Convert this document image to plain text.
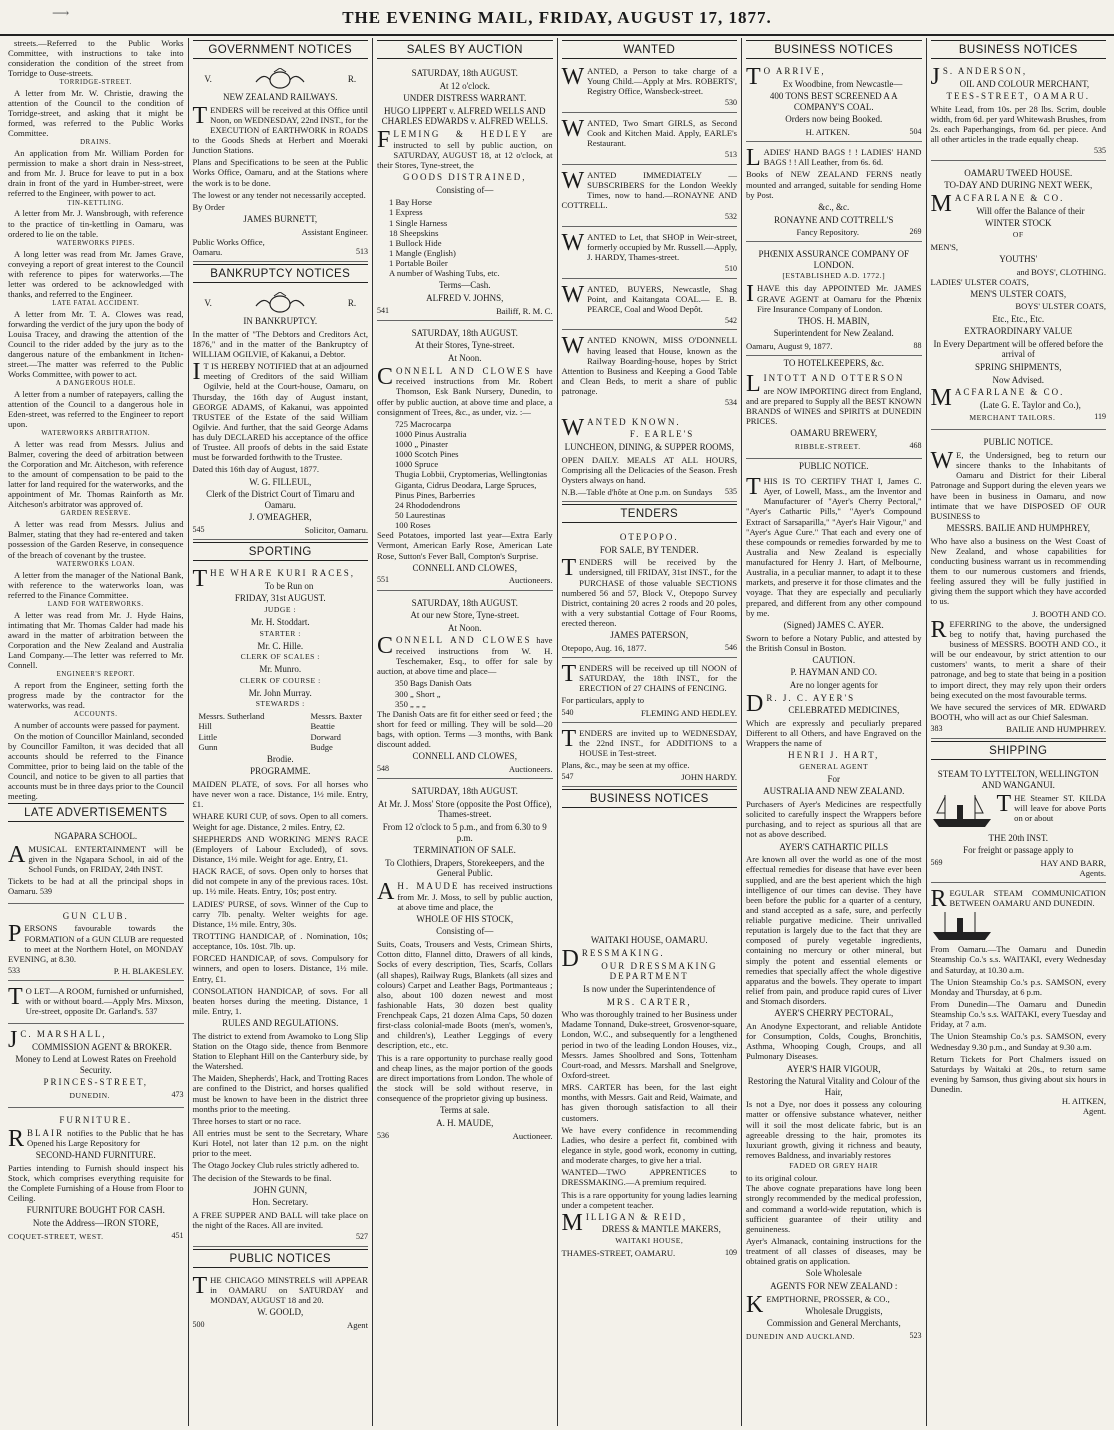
⟶	THE EVENING MAIL, FRIDAY, AUGUST 17, 1877.

streets.—Referred to the Public Works Committee, with instructions to take into consideration the condition of the street from Torridge to Ouse-streets.

TORRIDGE-STREET.

A letter from Mr. W. Christie, drawing the attention of the Council to the condition of Torridge-street, and asking that it might be formed, was referred to the Public Works Committee.

DRAINS.

An application from Mr. William Porden for permission to make a short drain in Ness-street, and from Mr. J. Bruce for leave to put in a box drain in front of the yard in Humber-street, were referred to the Engineer, with power to act.

TIN-KETTLING.

A letter from Mr. J. Wansbrough, with reference to the practice of tin-kettling in Oamaru, was ordered to lie on the table.

WATERWORKS PIPES.

A long letter was read from Mr. James Grave, conveying a report of great interest to the Council with reference to pipes for waterworks.—The letter was ordered to be acknowledged with thanks, and referred to the Engineer.

LATE FATAL ACCIDENT.

A letter from Mr. T. A. Clowes was read, forwarding the verdict of the jury upon the body of Louisa Tracey, and drawing the attention of the Council to the rider added by the jury as to the dangerous nature of the embankment in Itchen-street.—The matter was referred to the Public Works Committee, with power to act.

A DANGEROUS HOLE.

A letter from a number of ratepayers, calling the attention of the Council to a dangerous hole in Eden-street, was referred to the Engineer to report upon.

WATERWORKS ARBITRATION.

A letter was read from Messrs. Julius and Balmer, covering the deed of arbitration between the Corporation and Mr. Aitcheson, with reference to the amount of compensation to be paid to the latter for land required for the waterworks, and the appointment of Mr. Thomas Rainforth as Mr. Aitcheson's arbitrator was approved of.

GARDEN RESERVE.

A letter was read from Messrs. Julius and Balmer, stating that they had re-entered and taken possession of the Garden Reserve, in consequence of the breach of covenant by the trustee.

WATERWORKS LOAN.

A letter from the manager of the National Bank, with reference to the waterworks loan, was referred to the Finance Committee.

LAND FOR WATERWORKS.

A letter was read from Mr. J. Hyde Hains, intimating that Mr. Thomas Calder had made his award in the matter of arbitration between the Corporation and the New Zealand and Australia Land Company.—The letter was referred to Mr. Connell.

ENGINEER'S REPORT.

A report from the Engineer, setting forth the progress made by the contractor for the waterworks, was read.

ACCOUNTS.

A number of accounts were passed for payment.

On the motion of Councillor Mainland, seconded by Councillor Familton, it was decided that all accounts should be referred to the Finance Committee, prior to being laid on the table of the Council, and notice to be given to all parties that accounts must be in three days prior to the Council meeting.

LATE ADVERTISEMENTS
NGAPARA SCHOOL.

AMUSICAL ENTERTAINMENT will be given in the Ngapara School, in aid of the School Funds, on FRIDAY, 24th INST.

Tickets to be had at all the principal shops in Oamaru. 539

GUN CLUB.

PERSONS favourable towards the FORMATION of a GUN CLUB are requested to meet at the Northern Hotel, on MONDAY EVENING, at 8.30.

533	P. H. BLAKESLEY.

T O LET—A ROOM, furnished or unfurnished, with or without board.—Apply Mrs. Mixson, Ure-street, opposite Dr. Garland's. 537

J C. MARSHALL,

COMMISSION AGENT & BROKER.
Money to Lend at Lowest Rates on Freehold Security.
PRINCES-STREET,
DUNEDIN.	473
FURNITURE.

RBLAIR notifies to the Public that he has Opened his Large Repository for

SECOND-HAND FURNITURE.

Parties intending to Furnish should inspect his Stock, which comprises everything requisite for the Complete Furnishing of a House from Floor to Ceiling.

FURNITURE BOUGHT FOR CASH.
Note the Address—IRON STORE,
COQUET-STREET, WEST.	451
GOVERNMENT NOTICES
V.	R.
NEW ZEALAND RAILWAYS.

TENDERS will be received at this Office until Noon, on WEDNESDAY, 22nd INST., for the EXECUTION of EARTHWORK in ROADS to the Goods Sheds at Herbert and Moeraki Junction Stations.

Plans and Specifications to be seen at the Public Works Office, Oamaru, and at the Stations where the work is to be done.

The lowest or any tender not necessarily accepted.

By Order
JAMES BURNETT,
Assistant Engineer.
Public Works Office,
Oamaru.	513
BANKRUPTCY NOTICES
V.	R.
IN BANKRUPTCY.

In the matter of "The Debtors and Creditors Act, 1876," and in the matter of the Bankruptcy of WILLIAM OGILVIE, of Kakanui, a Debtor.

I T IS HEREBY NOTIFIED that at an adjourned meeting of Creditors of the said William Ogilvie, held at the Court-house, Oamaru, on Thursday, the 16th day of August instant, GEORGE ADAMS, of Kakanui, was appointed TRUSTEE of the Estate of the said William Ogilvie. And further, that the said George Adams has duly DECLARED his acceptance of the office of Trustee. All proofs of debts in the said Estate must be forwarded forthwith to the Trustee.

Dated this 16th day of August, 1877.
W. G. FILLEUL,
Clerk of the District Court of Timaru and Oamaru.
J. O'MEAGHER,
545	Solicitor, Oamaru.
SPORTING

THE WHARE KURI RACES,

To be Run on
FRIDAY, 31st AUGUST.
JUDGE :
Mr. H. Stoddart.
STARTER :
Mr. C. Hille.
CLERK OF SCALES :
Mr. Munro.
CLERK OF COURSE :
Mr. John Murray.
STEWARDS :
Messrs. Sutherland
Hill
Little
Gunn
Messrs. Baxter
Beattie
Dorward
Budge
Brodie.
PROGRAMME.

MAIDEN PLATE, of sovs. For all horses who have never won a race. Distance, 1½ mile. Entry, £1.

WHARE KURI CUP, of sovs. Open to all comers. Weight for age. Distance, 2 miles. Entry, £2.

SHEPHERDS AND WORKING MEN'S RACE (Employers of Labour Excluded), of sovs. Distance, 1½ mile. Weight for age. Entry, £1.

HACK RACE, of sovs. Open only to horses that did not compete in any of the previous races. 10st. up. 1½ mile. Heats. Entry, 10s; post entry.

LADIES' PURSE, of sovs. Winner of the Cup to carry 7lb. penalty. Welter weights for age. Distance, 1½ mile. Entry, 30s.

TROTTING HANDICAP, of . Nomination, 10s; acceptance, 10s. 10st. 7lb. up.

FORCED HANDICAP, of sovs. Compulsory for winners, and open to losers. Distance, 1½ mile. Entry, £1.

CONSOLATION HANDICAP, of sovs. For all beaten horses during the meeting. Distance, 1 mile. Entry, 1.

RULES AND REGULATIONS.

The district to extend from Awamoko to Long Slip Station on the Otago side, thence from Benmore Station to Elephant Hill on the Canterbury side, by the Watershed.

The Maiden, Shepherds', Hack, and Trotting Races are confined to the District, and horses qualified must be known to have been in the district three months prior to the meeting.

Three horses to start or no race.

All entries must be sent to the Secretary, Whare Kuri Hotel, not later than 12 p.m. on the night prior to the meet.

The Otago Jockey Club rules strictly adhered to.

The decision of the Stewards to be final.

JOHN GUNN,
Hon. Secretary.

A FREE SUPPER AND BALL will take place on the night of the Races. All are invited.

527
PUBLIC NOTICES

THE CHICAGO MINSTRELS will APPEAR in OAMARU on SATURDAY and MONDAY, AUGUST 18 and 20.

W. GOOLD,
500	Agent
SALES BY AUCTION
SATURDAY, 18th AUGUST.
At 12 o'clock.
UNDER DISTRESS WARRANT.
HUGO LIPPERT v. ALFRED WELLS AND CHARLES EDWARDS v. ALFRED WELLS.

FLEMING & HEDLEY are instructed to sell by public auction, on SATURDAY, AUGUST 18, at 12 o'clock, at their Stores, Tyne-street, the

GOODS DISTRAINED,
Consisting of—
1 Bay Horse
1 Express
1 Single Harness
18 Sheepskins
1 Bullock Hide
1 Mangle (English)
1 Portable Boiler
A number of Washing Tubs, etc.
Terms—Cash.
ALFRED V. JOHNS,
541	Bailiff, R. M. C.
SATURDAY, 18th AUGUST.
At their Stores, Tyne-street.
At Noon.

CONNELL AND CLOWES have received instructions from Mr. Robert Thomson, Esk Bank Nursery, Dunedin, to offer by public auction, at above time and place, a consignment of Trees, &c., as under, viz. :—

725 Macrocarpa
1000 Pinus Australia
1000 „ Pinaster
1000 Scotch Pines
1000 Spruce
Thugia Lobbii, Cryptomerias, Wellingtonias Giganta, Cidrus Deodara, Large Spruces, Pinus Pines, Barberries
24 Rhododendrons
50 Laurestinas
100 Roses

Seed Potatoes, imported last year—Extra Early Vermont, American Early Rose, American Late Rose, Sutton's Fever Ball, Compton's Surprise.

CONNELL AND CLOWES,
551	Auctioneers.
SATURDAY, 18th AUGUST.
At our new Store, Tyne-street.
At Noon.

CONNELL AND CLOWES have received instructions from W. H. Teschemaker, Esq., to offer for sale by auction, at above time and place—

350 Bags Danish Oats
300 „ Short „
350 „ „ „

The Danish Oats are fit for either seed or feed ; the short for feed or milling. They will be sold—20 bags, with option. Terms —3 months, with Bank discount added.

CONNELL AND CLOWES,
548	Auctioneers.
SATURDAY, 18th AUGUST.
At Mr. J. Moss' Store (opposite the Post Office), Thames-street.
From 12 o'clock to 5 p.m., and from 6.30 to 9 p.m.
TERMINATION OF SALE.
To Clothiers, Drapers, Storekeepers, and the General Public.

A H. MAUDE has received instructions from Mr. J. Moss, to sell by public auction, at above time and place, the

WHOLE OF HIS STOCK,
Consisting of—

Suits, Coats, Trousers and Vests, Crimean Shirts, Cotton ditto, Flannel ditto, Drawers of all kinds, Socks of every description, Ties, Scarfs, Collars (all shapes), Railway Rugs, Blankets (all sizes and colours) Carpet and Leather Bags, Portmanteaus ; also, about 100 dozen newest and most fashionable Hats, 30 dozen best quality Frenchpeak Caps, 21 dozen Alma Caps, 50 dozen first-class colonial-made Boots (men's, women's, and children's), Leather Leggings of every description, etc., etc.

This is a rare opportunity to purchase really good and cheap lines, as the major portion of the goods are direct importations from London. The whole of the stock will be sold without reserve, in consequence of the proprietor giving up business.

Terms at sale.
A. H. MAUDE,
536	Auctioneer.
WANTED

WANTED, a Person to take charge of a Young Child.—Apply at Mrs. ROBERTS', Registry Office, Wansbeck-street.

530

WANTED, Two Smart GIRLS, as Second Cook and Kitchen Maid. Apply, EARLE's Restaurant.

513

WANTED IMMEDIATELY — SUBSCRIBERS for the London Weekly Times, now to hand.—RONAYNE AND COTTRELL.

532

WANTED to Let, that SHOP in Weir-street, formerly occupied by Mr. Russell.—Apply, J. HARDY, Thames-street.

510

WANTED, BUYERS, Newcastle, Shag Point, and Kaitangata COAL.— E. B. PEARCE, Coal and Wood Depôt.

542

WANTED KNOWN, MISS O'DONNELL having leased that House, known as the Railway Boarding-house, hopes by Strict Attention to Business and Keeping a Good Table and Clean Beds, to merit a share of public patronage.

534

WANTED KNOWN.

F. EARLE'S
LUNCHEON, DINING, & SUPPER ROOMS,

OPEN DAILY. MEALS AT ALL HOURS, Comprising all the Delicacies of the Season. Fresh Oysters always on hand.

N.B.—Table d'hôte at One p.m. on Sundays 535
TENDERS
OTEPOPO.
FOR SALE, BY TENDER.

TENDERS will be received by the undersigned, till FRIDAY, 31st INST., for the PURCHASE of those valuable SECTIONS numbered 56 and 57, Block V., Otepopo Survey District, containing 20 acres 2 roods and 20 poles, with a very substantial Cottage of Four Rooms, erected thereon.

JAMES PATERSON,
Otepopo, Aug. 16, 1877.	546

TENDERS will be received up till NOON of SATURDAY, the 18th INST., for the ERECTION of 27 CHAINS of FENCING.

For particulars, apply to

540	FLEMING AND HEDLEY.

TENDERS are invited up to WEDNESDAY, the 22nd INST., for ADDITIONS to a HOUSE in Test-street.

Plans, &c., may be seen at my office.

547	JOHN HARDY.
BUSINESS NOTICES
WAITAKI HOUSE, OAMARU.

DRESSMAKING.

OUR DRESSMAKING DEPARTMENT
Is now under the Superintendence of
MRS. CARTER,

Who was thoroughly trained to her Business under Madame Tonnand, Duke-street, Grosvenor-square, London, W.C., and subsequently for a lengthened period in two of the leading London Houses, viz., Messrs. James Shoolbred and Sons, Tottenham Court-road, and Messrs. Marshall and Snelgrove, Oxford-street.

MRS. CARTER has been, for the last eight months, with Messrs. Gait and Reid, Waimate, and has given thorough satisfaction to all their customers.

We have every confidence in recommending Ladies, who desire a perfect fit, combined with elegance in style, good work, economy in cutting, and moderate charges, to give her a trial.

WANTED—TWO APPRENTICES to DRESSMAKING.—A premium required.

This is a rare opportunity for young ladies learning under a competent teacher.

MILLIGAN & REID,

DRESS & MANTLE MAKERS,
WAITAKI HOUSE,
THAMES-STREET, OAMARU.	109
BUSINESS NOTICES

T O ARRIVE,

Ex Woodbine, from Newcastle—
400 TONS BEST SCREENED A A COMPANY'S COAL.
Orders now being Booked.
H. AITKEN.	504

LADIES' HAND BAGS ! ! LADIES' HAND BAGS ! ! All Leather, from 6s. 6d.

Books of NEW ZEALAND FERNS neatly mounted and arranged, suitable for sending Home by Post.

&c., &c.
RONAYNE AND COTTRELL'S
Fancy Repository.	269
PHŒNIX ASSURANCE COMPANY OF LONDON.
[ESTABLISHED A.D. 1772.]

IHAVE this day APPOINTED Mr. JAMES GRAVE AGENT at Oamaru for the Phœnix Fire Insurance Company of London.

THOS. H. MABIN,
Superintendent for New Zealand.
Oamaru, August 9, 1877.	88
TO HOTELKEEPERS, &c.

LINTOTT AND OTTERSON

are NOW IMPORTING direct from England, and are prepared to Supply all the BEST KNOWN BRANDS of WINES and SPIRITS at DUNEDIN PRICES.

OAMARU BREWERY,
RIBBLE-STREET.	468
PUBLIC NOTICE.

THIS IS TO CERTIFY THAT I, James C. Ayer, of Lowell, Mass., am the Inventor and Manufacturer of "Ayer's Cherry Pectoral," "Ayer's Cathartic Pills," "Ayer's Compound Extract of Sarsaparilla," "Ayer's Hair Vigour," and "Ayer's Ague Cure." That each and every one of these compounds or remedies forwarded by me to Australia and New Zealand is especially manufactured for Henry J. Hart, of Melbourne, Australia, in a peculiar manner, to adapt it to these markets, and preserve it for those climates and the voyage. That they are especially and peculiarly prepared, and different from any other compound by me.

(Signed) JAMES C. AYER.

Sworn to before a Notary Public, and attested by the British Consul in Boston.

CAUTION.
P. HAYMAN AND CO.
Are no longer agents for

D R. J. C. AYER'S

CELEBRATED MEDICINES,

Which are expressly and peculiarly prepared Different to all Others, and have Engraved on the Wrappers the name of

HENRI J. HART,
GENERAL AGENT
For
AUSTRALIA AND NEW ZEALAND.

Purchasers of Ayer's Medicines are respectfully solicited to carefully inspect the Wrappers before purchasing, and to reject as spurious all that are not as above described.

AYER'S CATHARTIC PILLS

Are known all over the world as one of the most effectual remedies for disease that have ever been supplied, and are the best aperient which the high intelligence of our times can devise. They have been before the public for a quarter of a century, and stand accepted as a safe, sure, and perfectly reliable purgative medicine. Their unrivalled reputation is largely due to the fact that they are composed of purely vegetable ingredients, containing no mercury or other mineral, but simply the potent and essential elements or remedies that specially affect the whole digestive apparatus and the bowels. They operate to impart relief from pain, and produce rapid cures of Liver and Stomach disorders.

AYER'S CHERRY PECTORAL,

An Anodyne Expectorant, and reliable Antidote for Consumption, Colds, Coughs, Bronchitis, Asthma, Whooping Cough, Croups, and all Pulmonary Diseases.

AYER'S HAIR VIGOUR,
Restoring the Natural Vitality and Colour of the Hair,

Is not a Dye, nor does it possess any colouring matter or offensive substance whatever, neither will it soil the most delicate fabric, but is an agreeable dressing to the hair, promotes its luxuriant growth, giving it richness and beauty, removes Baldness, and invariably restores

FADED OR GREY HAIR
to its original colour.

The above cognate preparations have long been strongly recommended by the medical profession, and command a world-wide reputation, which is sufficient guarantee of their utility and genuineness.

Ayer's Almanack, containing instructions for the treatment of all classes of diseases, may be obtained gratis on application.

Sole Wholesale
AGENTS FOR NEW ZEALAND :

KEMPTHORNE, PROSSER, & CO.,

Wholesale Druggists,
Commission and General Merchants,
DUNEDIN AND AUCKLAND.	523
BUSINESS NOTICES

J S. ANDERSON,

OIL AND COLOUR MERCHANT,
TEES-STREET, OAMARU.

White Lead, from 10s. per 28 lbs. Scrim, double width, from 6d. per yard Whitewash Brushes, from 2s. each Paperhangings, from 6d. per piece. And all other articles in the trade equally cheap.

535
OAMARU TWEED HOUSE.
TO-DAY AND DURING NEXT WEEK,

MACFARLANE & CO.

Will offer the Balance of their
WINTER STOCK
OF
MEN'S,
YOUTHS'
and BOYS', CLOTHING.
LADIES' ULSTER COATS,
MEN'S ULSTER COATS,
BOYS' ULSTER COATS,
Etc., Etc., Etc.
EXTRAORDINARY VALUE
In Every Department will be offered before the arrival of
SPRING SHIPMENTS,
Now Advised.

MACFARLANE & CO.

(Late G. E. Taylor and Co.),
MERCHANT TAILORS.	119
PUBLIC NOTICE.

W E, the Undersigned, beg to return our sincere thanks to the Inhabitants of Oamaru and District for their Liberal Patronage and Support during the eleven years we have been in business in Oamaru, and now intimate that we have DISPOSED OF OUR BUSINESS to

MESSRS. BAILIE AND HUMPHREY,

Who have also a business on the West Coast of New Zealand, and whose capabilities for conducting business warrant us in recommending them to our numerous customers and friends, feeling assured they will be fully justified in giving them the support which they have accorded to us.

J. BOOTH AND CO.

REFERRING to the above, the undersigned beg to notify that, having purchased the business of MESSRS. BOOTH AND CO., it will be our endeavour, by strict attention to our customers' wants, to merit a share of their patronage, and beg to state that being in a position to import direct, they may rely upon their orders being executed on the most favourable terms.

We have secured the services of MR. EDWARD BOOTH, who will act as our Chief Salesman.

383	BAILIE AND HUMPHREY.
SHIPPING
STEAM TO LYTTELTON, WELLINGTON AND WANGANUI.

THE Steamer ST. KILDA will leave for above Ports on or about

THE 20th INST.
For freight or passage apply to
569	HAY AND BARR,
Agents.

REGULAR STEAM COMMUNICATION BETWEEN OAMARU AND DUNEDIN.

From Oamaru.—The Oamaru and Dunedin Steamship Co.'s s.s. WAITAKI, every Wednesday and Saturday, at 10.30 a.m.

The Union Steamship Co.'s p.s. SAMSON, every Monday and Thursday, at 6 p.m.

From Dunedin—The Oamaru and Dunedin Steamship Co.'s s.s. WAITAKI, every Tuesday and Friday, at 7 a.m.

The Union Steamship Co.'s p.s. SAMSON, every Wednesday 9.30 p.m., and Sunday at 9.30 a.m.

Return Tickets for Port Chalmers issued on Saturdays by Waitaki at 20s., to return same evening by Samson, thus giving about six hours in Dunedin.

H. AITKEN,
Agent.
